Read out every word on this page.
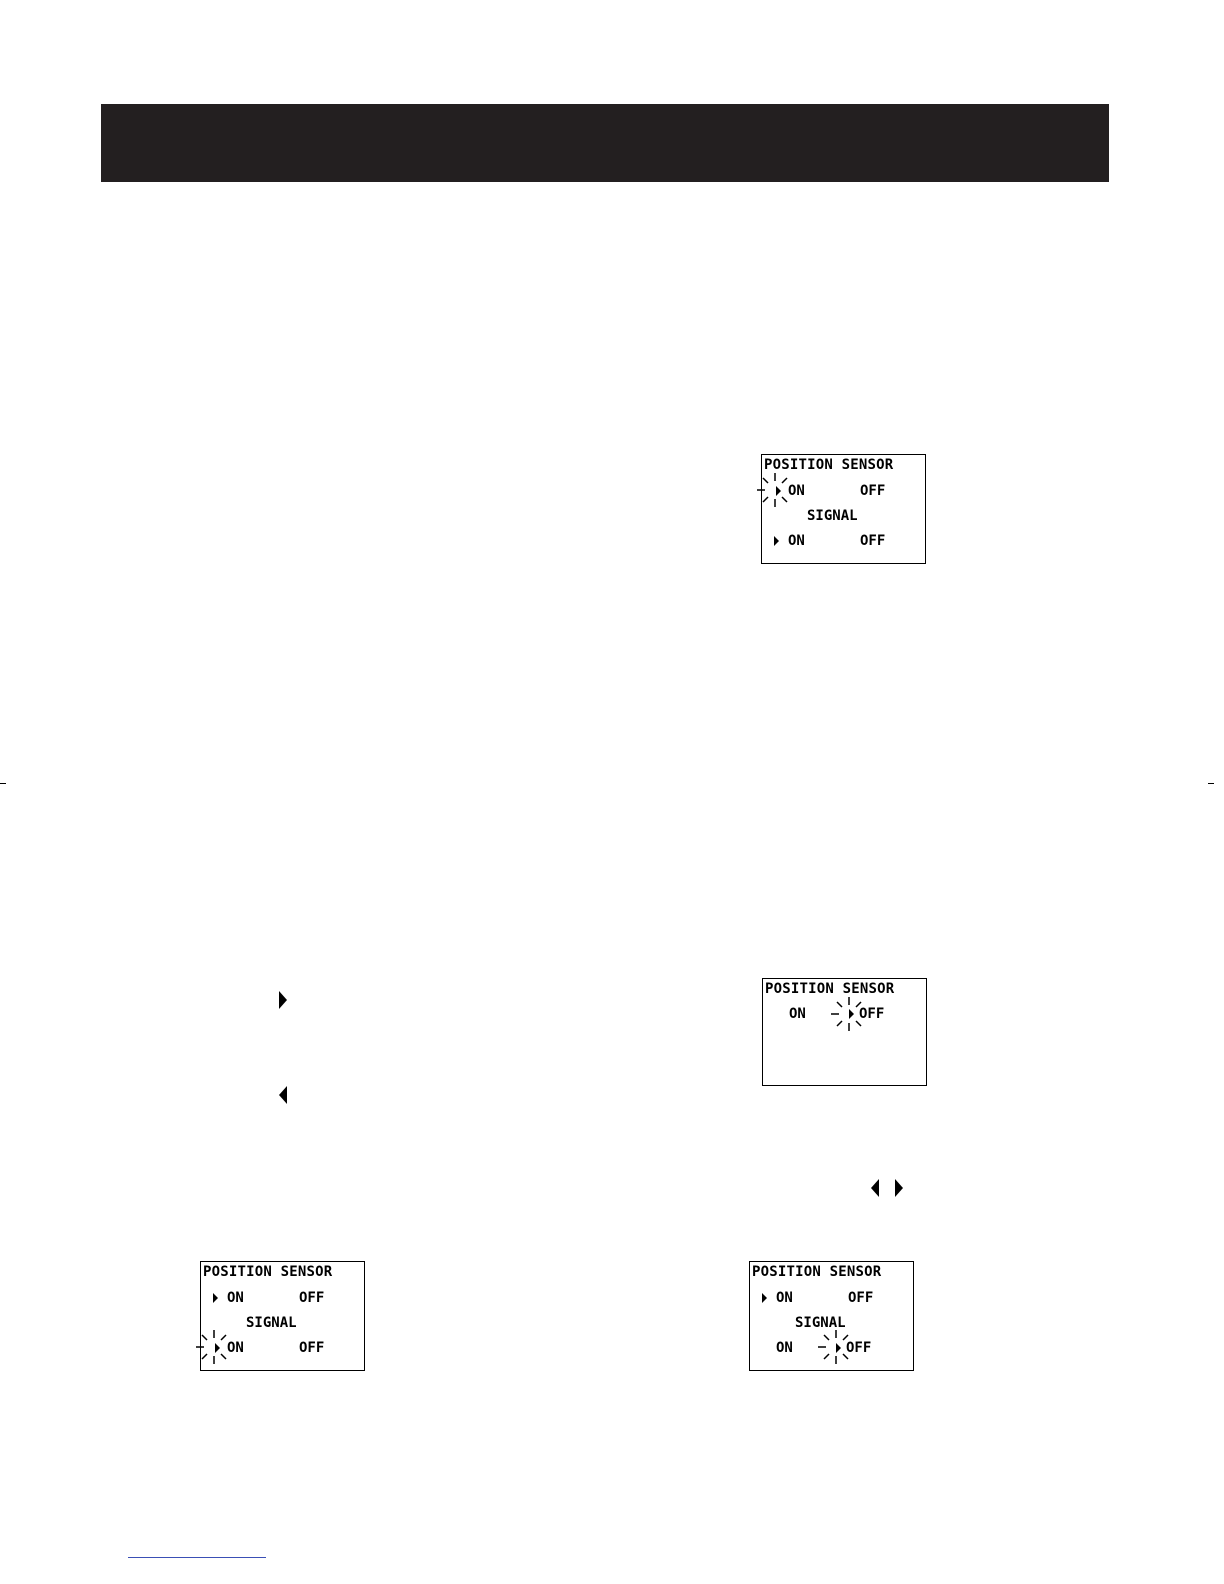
POSITION SENSOR
ON	OFF
SIGNAL
ON	OFF
POSITION SENSOR
ON	OFF
POSITION SENSOR
ON	OFF
SIGNAL
ON	OFF
POSITION SENSOR
ON	OFF
SIGNAL
ON	OFF
